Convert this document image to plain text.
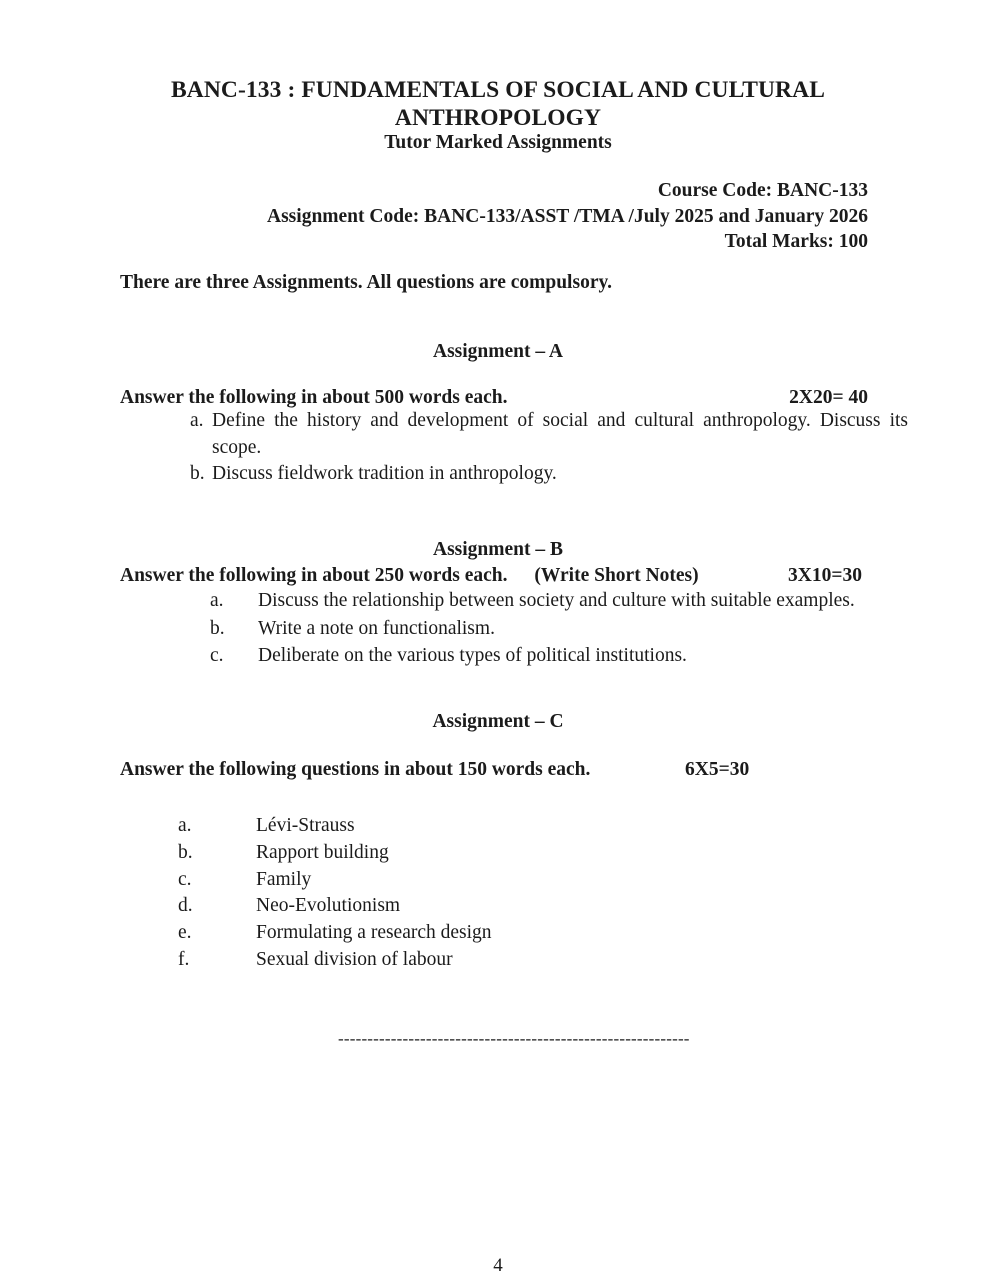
BANC-133 : FUNDAMENTALS OF SOCIAL AND CULTURAL ANTHROPOLOGY
Tutor Marked Assignments
Course Code: BANC-133
Assignment Code: BANC-133/ASST /TMA /July 2025 and January 2026
Total Marks: 100
There are three Assignments. All questions are compulsory.
Assignment – A
Answer the following in about 500 words each.	2X20= 40
a. Define the history and development of social and cultural anthropology. Discuss its scope.
b. Discuss fieldwork tradition in anthropology.
Assignment – B
Answer the following in about 250 words each. (Write Short Notes)	3X10=30
a. Discuss the relationship between society and culture with suitable examples.
b. Write a note on functionalism.
c. Deliberate on the various types of political institutions.
Assignment – C
Answer the following questions in about 150 words each.	6X5=30
a.	Lévi-Strauss
b.	Rapport building
c.	Family
d.	Neo-Evolutionism
e.	Formulating a research design
f.	Sexual division of labour
------------------------------------------------------------
4
